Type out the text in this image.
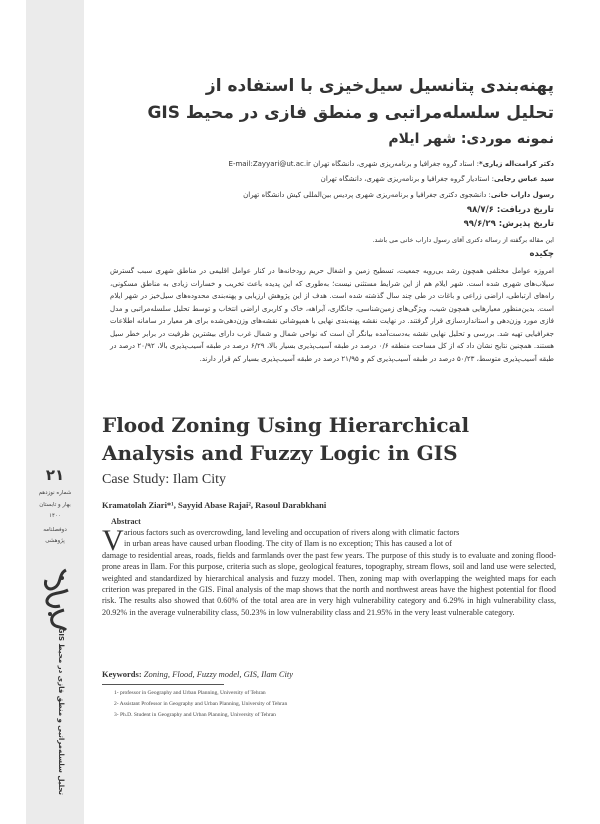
پهنه‌بندی پتانسیل سیل‌خیزی با استفاده از
تحلیل سلسله‌مراتبی و منطق فازی در محیط GIS
نمونه موردی: شهر ایلام
دکتر کرامت‌اله زیاری*: استاد گروه جغرافیا و برنامه‌ریزی شهری، دانشگاه تهران E-mail:Zayyari@ut.ac.ir
سید عباس رجایی: استادیار گروه جغرافیا و برنامه‌ریزی شهری، دانشگاه تهران
رسول داراب خانی: دانشجوی دکتری جغرافیا و برنامه‌ریزی شهری پردیس بین‌المللی کیش دانشگاه تهران
تاریخ دریافت: ۹۸/۷/۶
تاریخ پذیرش: ۹۹/۶/۲۹
این مقاله برگفته از رساله دکتری آقای رسول داراب خانی می باشد.
چکیده
امروزه عوامل مختلفی همچون رشد بی‌رویه جمعیت، تسطیح زمین و اشغال حریم رودخانه‌ها در کنار عوامل اقلیمی در مناطق شهری سبب گسترش سیلاب‌های شهری شده است. شهر ایلام هم از این شرایط مستثنی نیست؛ به‌طوری که این پدیده باعث تخریب و خسارات زیادی به مناطق مسکونی، راه‌های ارتباطی، اراضی زراعی و باغات در طی چند سال گذشته شده است. هدف از این پژوهش ارزیابی و پهنه‌بندی محدوده‌های سیل‌خیز در شهر ایلام است. بدین‌منظور معیارهایی همچون شیب، ویژگی‌های زمین‌شناسی، جانگاری، آبراهه، خاک و کاربری اراضی انتخاب و توسط تحلیل سلسله‌مراتبی و مدل فازی مورد وزن‌دهی و استانداردسازی قرار گرفتند. در نهایت نقشه پهنه‌بندی نهایی با همپوشانی نقشه‌های وزن‌دهی‌شده برای هر معیار در سامانه اطلاعات جغرافیایی تهیه شد. بررسی و تحلیل نهایی نقشه به‌دست‌آمده بیانگر آن است که نواحی شمال و شمال غرب دارای بیشترین ظرفیت در برابر خطر سیل هستند. همچنین نتایج نشان داد که از کل مساحت منطقه ۰/۶ درصد در طبقه آسیب‌پذیری بسیار بالا، ۶/۲۹ درصد در طبقه آسیب‌پذیری بالا، ۲۰/۹۲ درصد در طبقه آسیب‌پذیری متوسط، ۵۰/۲۳ درصد در طبقه آسیب‌پذیری کم و ۲۱/۹۵ درصد در طبقه آسیب‌پذیری بسیار کم قرار دارند.
Flood Zoning Using Hierarchical
Analysis and Fuzzy Logic in GIS
Case Study: Ilam City
Kramatolah Ziari*¹, Sayyid Abase Rajai², Rasoul Darabkhani
Abstract
V arious factors such as overcrowding, land leveling and occupation of rivers along with climatic factors
in urban areas have caused urban flooding. The city of Ilam is no exception; This has caused a lot of
damage to residential areas, roads, fields and farmlands over the past few years. The purpose of this study is to evaluate and zoning flood-prone areas in Ilam. For this purpose, criteria such as slope, geological features, topography, stream flows, soil and land use were selected, weighted and standardized by hierarchical analysis and fuzzy model. Then, zoning map with overlapping the weighted maps for each criterion was prepared in the GIS. Final analysis of the map shows that the north and northwest areas have the highest potential for flood risk. The results also showed that 0.60% of the total area are in very high vulnerability category and 6.29% in high vulnerability class, 20.92% in the average vulnerability class, 50.23% in low vulnerability class and 21.95% in the very least vulnerable category.
Keywords: Zoning, Flood, Fuzzy model, GIS, Ilam City
1- professor in Geography and Urban Planning, University of Tehran
2- Assistant Professor in Geography and Urban Planning, University of Tehran
3- Ph.D. Student in Geography and Urban Planning, University of Tehran
۲۱
شماره نوزدهم
بهار و تابستان
۱۴۰۰
دوفصلنامه
پژوهشی
تحلیل سلسله‌مراتبی و منطق فازی در محیط GIS
